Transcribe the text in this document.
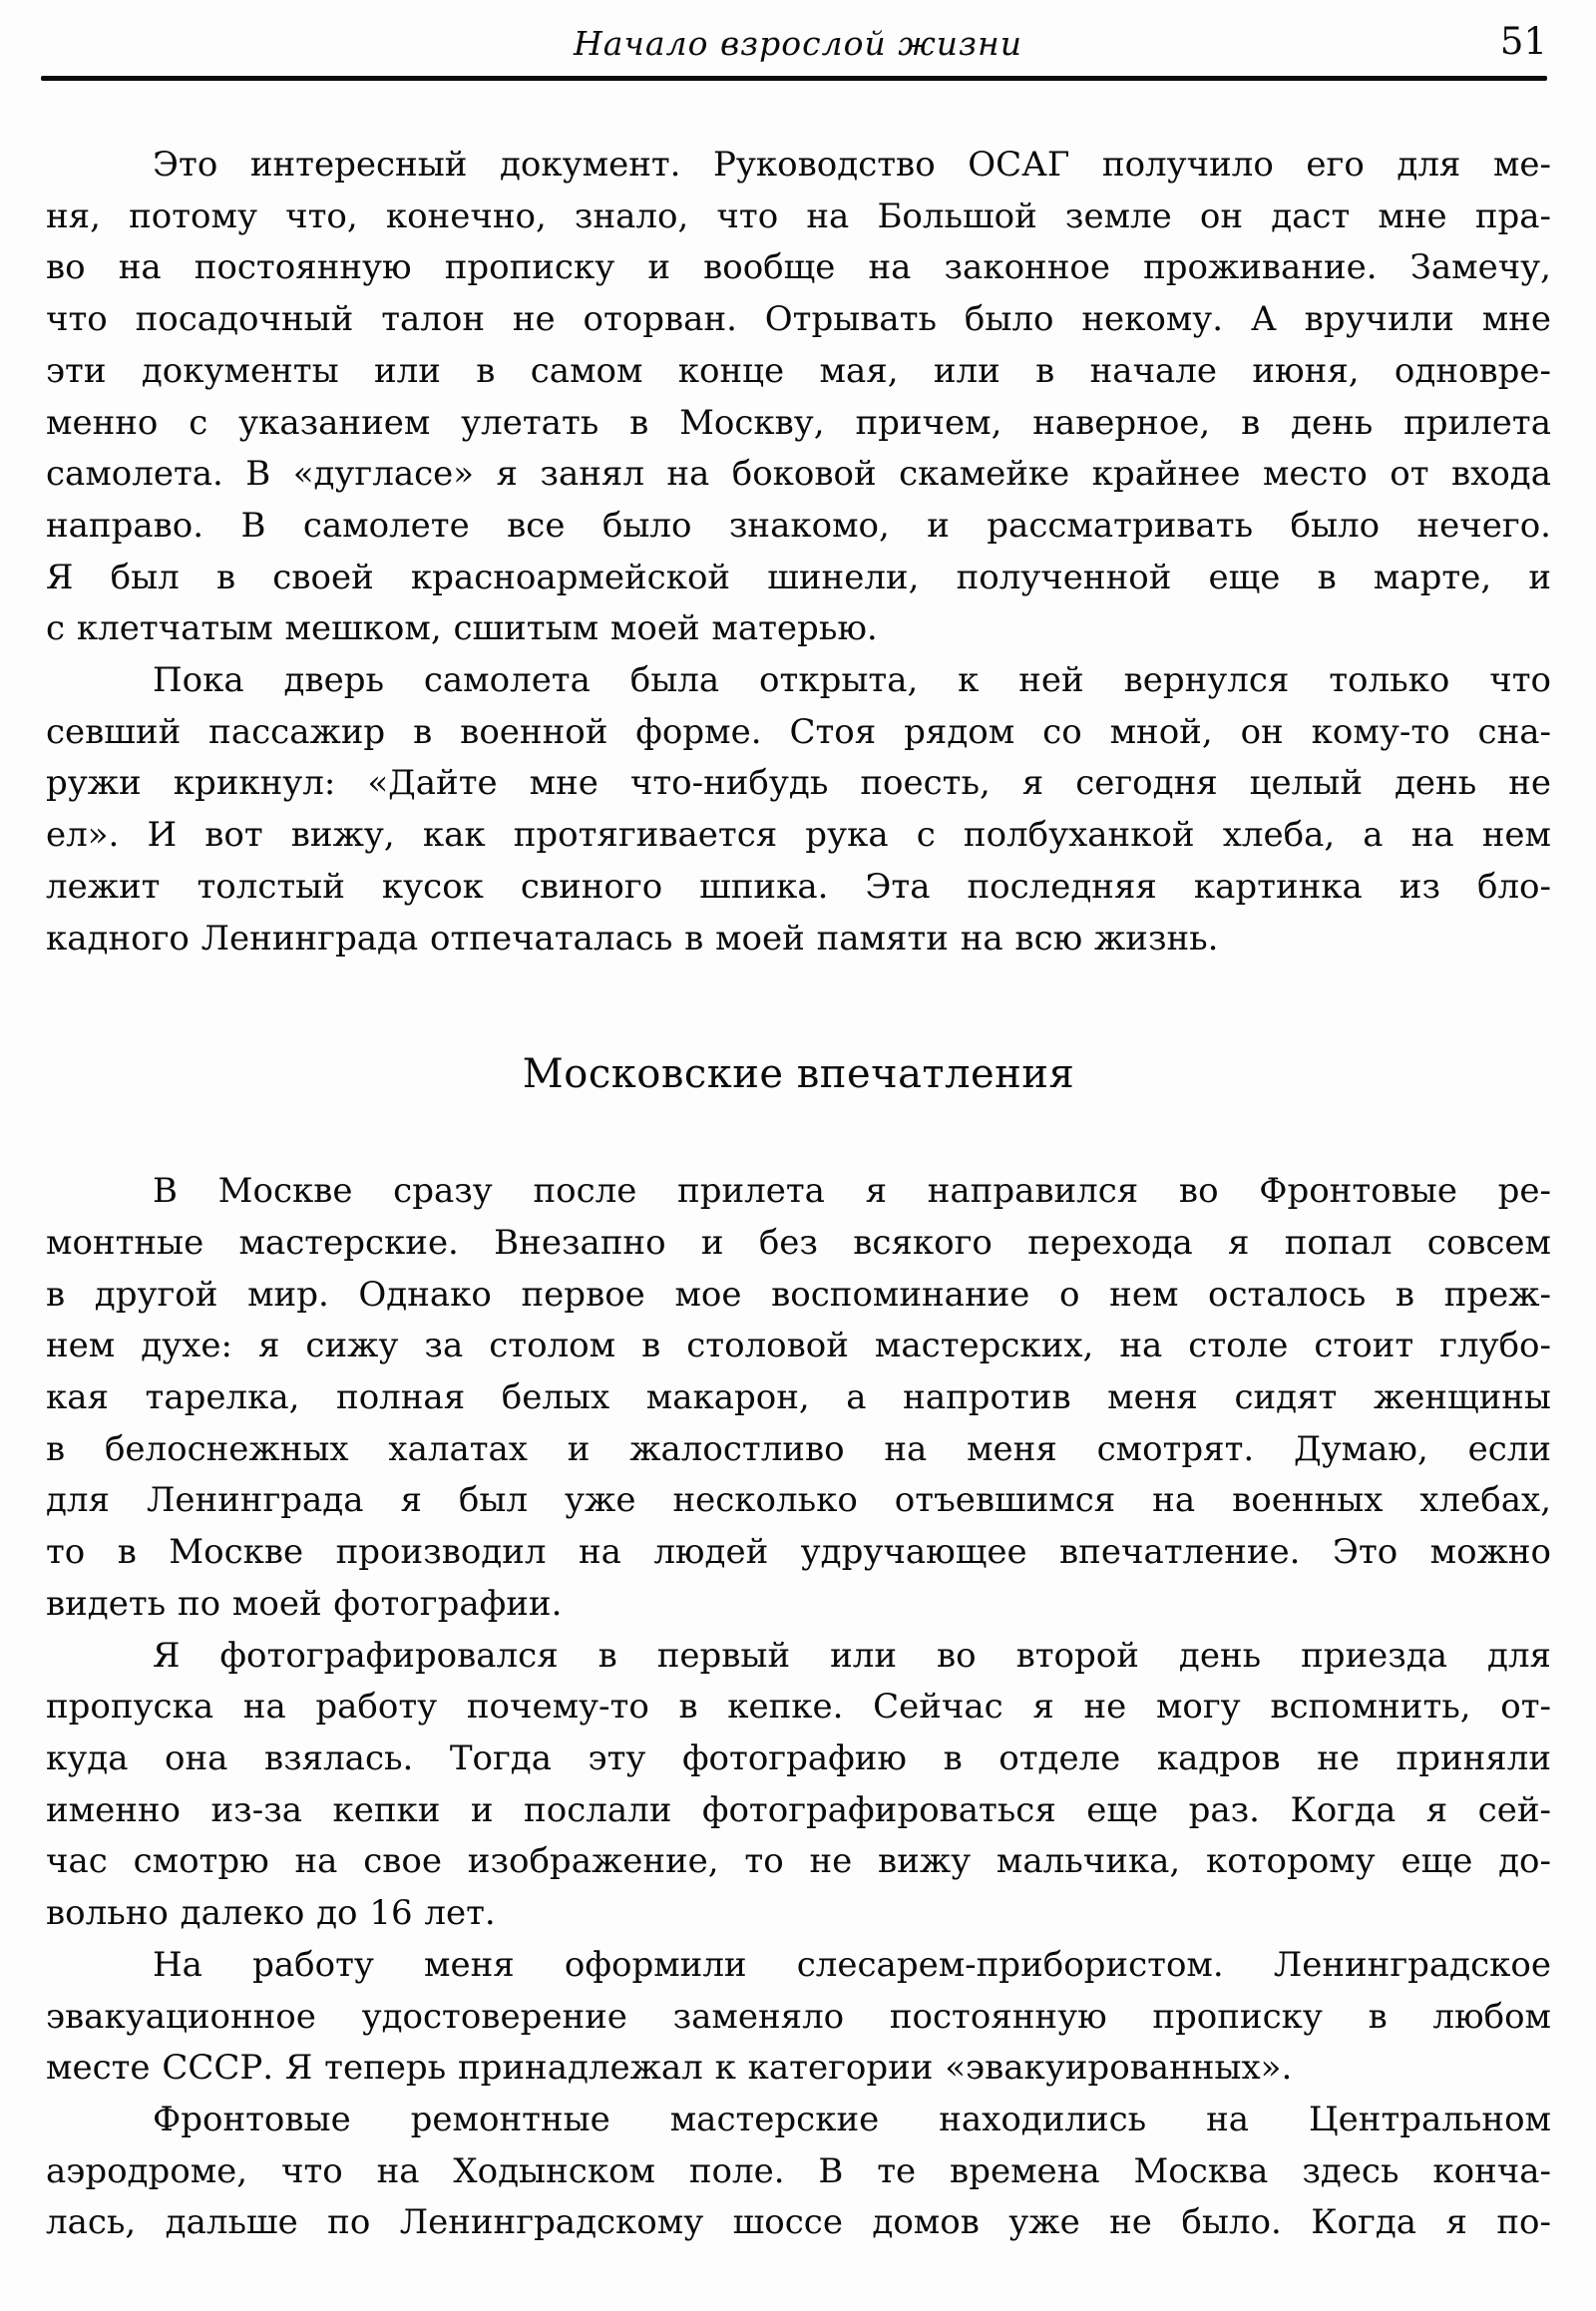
Начало взрослой жизни	51
Это интересный документ. Руководство ОСАГ получило его для ме-
ня, потому что, конечно, знало, что на Большой земле он даст мне пра-
во на постоянную прописку и вообще на законное проживание. Замечу,
что посадочный талон не оторван. Отрывать было некому. А вручили мне
эти документы или в самом конце мая, или в начале июня, одновре-
менно с указанием улетать в Москву, причем, наверное, в день прилета
самолета. В «дугласе» я занял на боковой скамейке крайнее место от входа
направо. В самолете все было знакомо, и рассматривать было нечего.
Я был в своей красноармейской шинели, полученной еще в марте, и
с клетчатым мешком, сшитым моей матерью.
Пока дверь самолета была открыта, к ней вернулся только что
севший пассажир в военной форме. Стоя рядом со мной, он кому-то сна-
ружи крикнул: «Дайте мне что-нибудь поесть, я сегодня целый день не
ел». И вот вижу, как протягивается рука с полбуханкой хлеба, а на нем
лежит толстый кусок свиного шпика. Эта последняя картинка из бло-
кадного Ленинграда отпечаталась в моей памяти на всю жизнь.
Московские впечатления
В Москве сразу после прилета я направился во Фронтовые ре-
монтные мастерские. Внезапно и без всякого перехода я попал совсем
в другой мир. Однако первое мое воспоминание о нем осталось в преж-
нем духе: я сижу за столом в столовой мастерских, на столе стоит глубо-
кая тарелка, полная белых макарон, а напротив меня сидят женщины
в белоснежных халатах и жалостливо на меня смотрят. Думаю, если
для Ленинграда я был уже несколько отъевшимся на военных хлебах,
то в Москве производил на людей удручающее впечатление. Это можно
видеть по моей фотографии.
Я фотографировался в первый или во второй день приезда для
пропуска на работу почему-то в кепке. Сейчас я не могу вспомнить, от-
куда она взялась. Тогда эту фотографию в отделе кадров не приняли
именно из-за кепки и послали фотографироваться еще раз. Когда я сей-
час смотрю на свое изображение, то не вижу мальчика, которому еще до-
вольно далеко до 16 лет.
На работу меня оформили слесарем-прибористом. Ленинградское
эвакуационное удостоверение заменяло постоянную прописку в любом
месте СССР. Я теперь принадлежал к категории «эвакуированных».
Фронтовые ремонтные мастерские находились на Центральном
аэродроме, что на Ходынском поле. В те времена Москва здесь конча-
лась, дальше по Ленинградскому шоссе домов уже не было. Когда я по-
